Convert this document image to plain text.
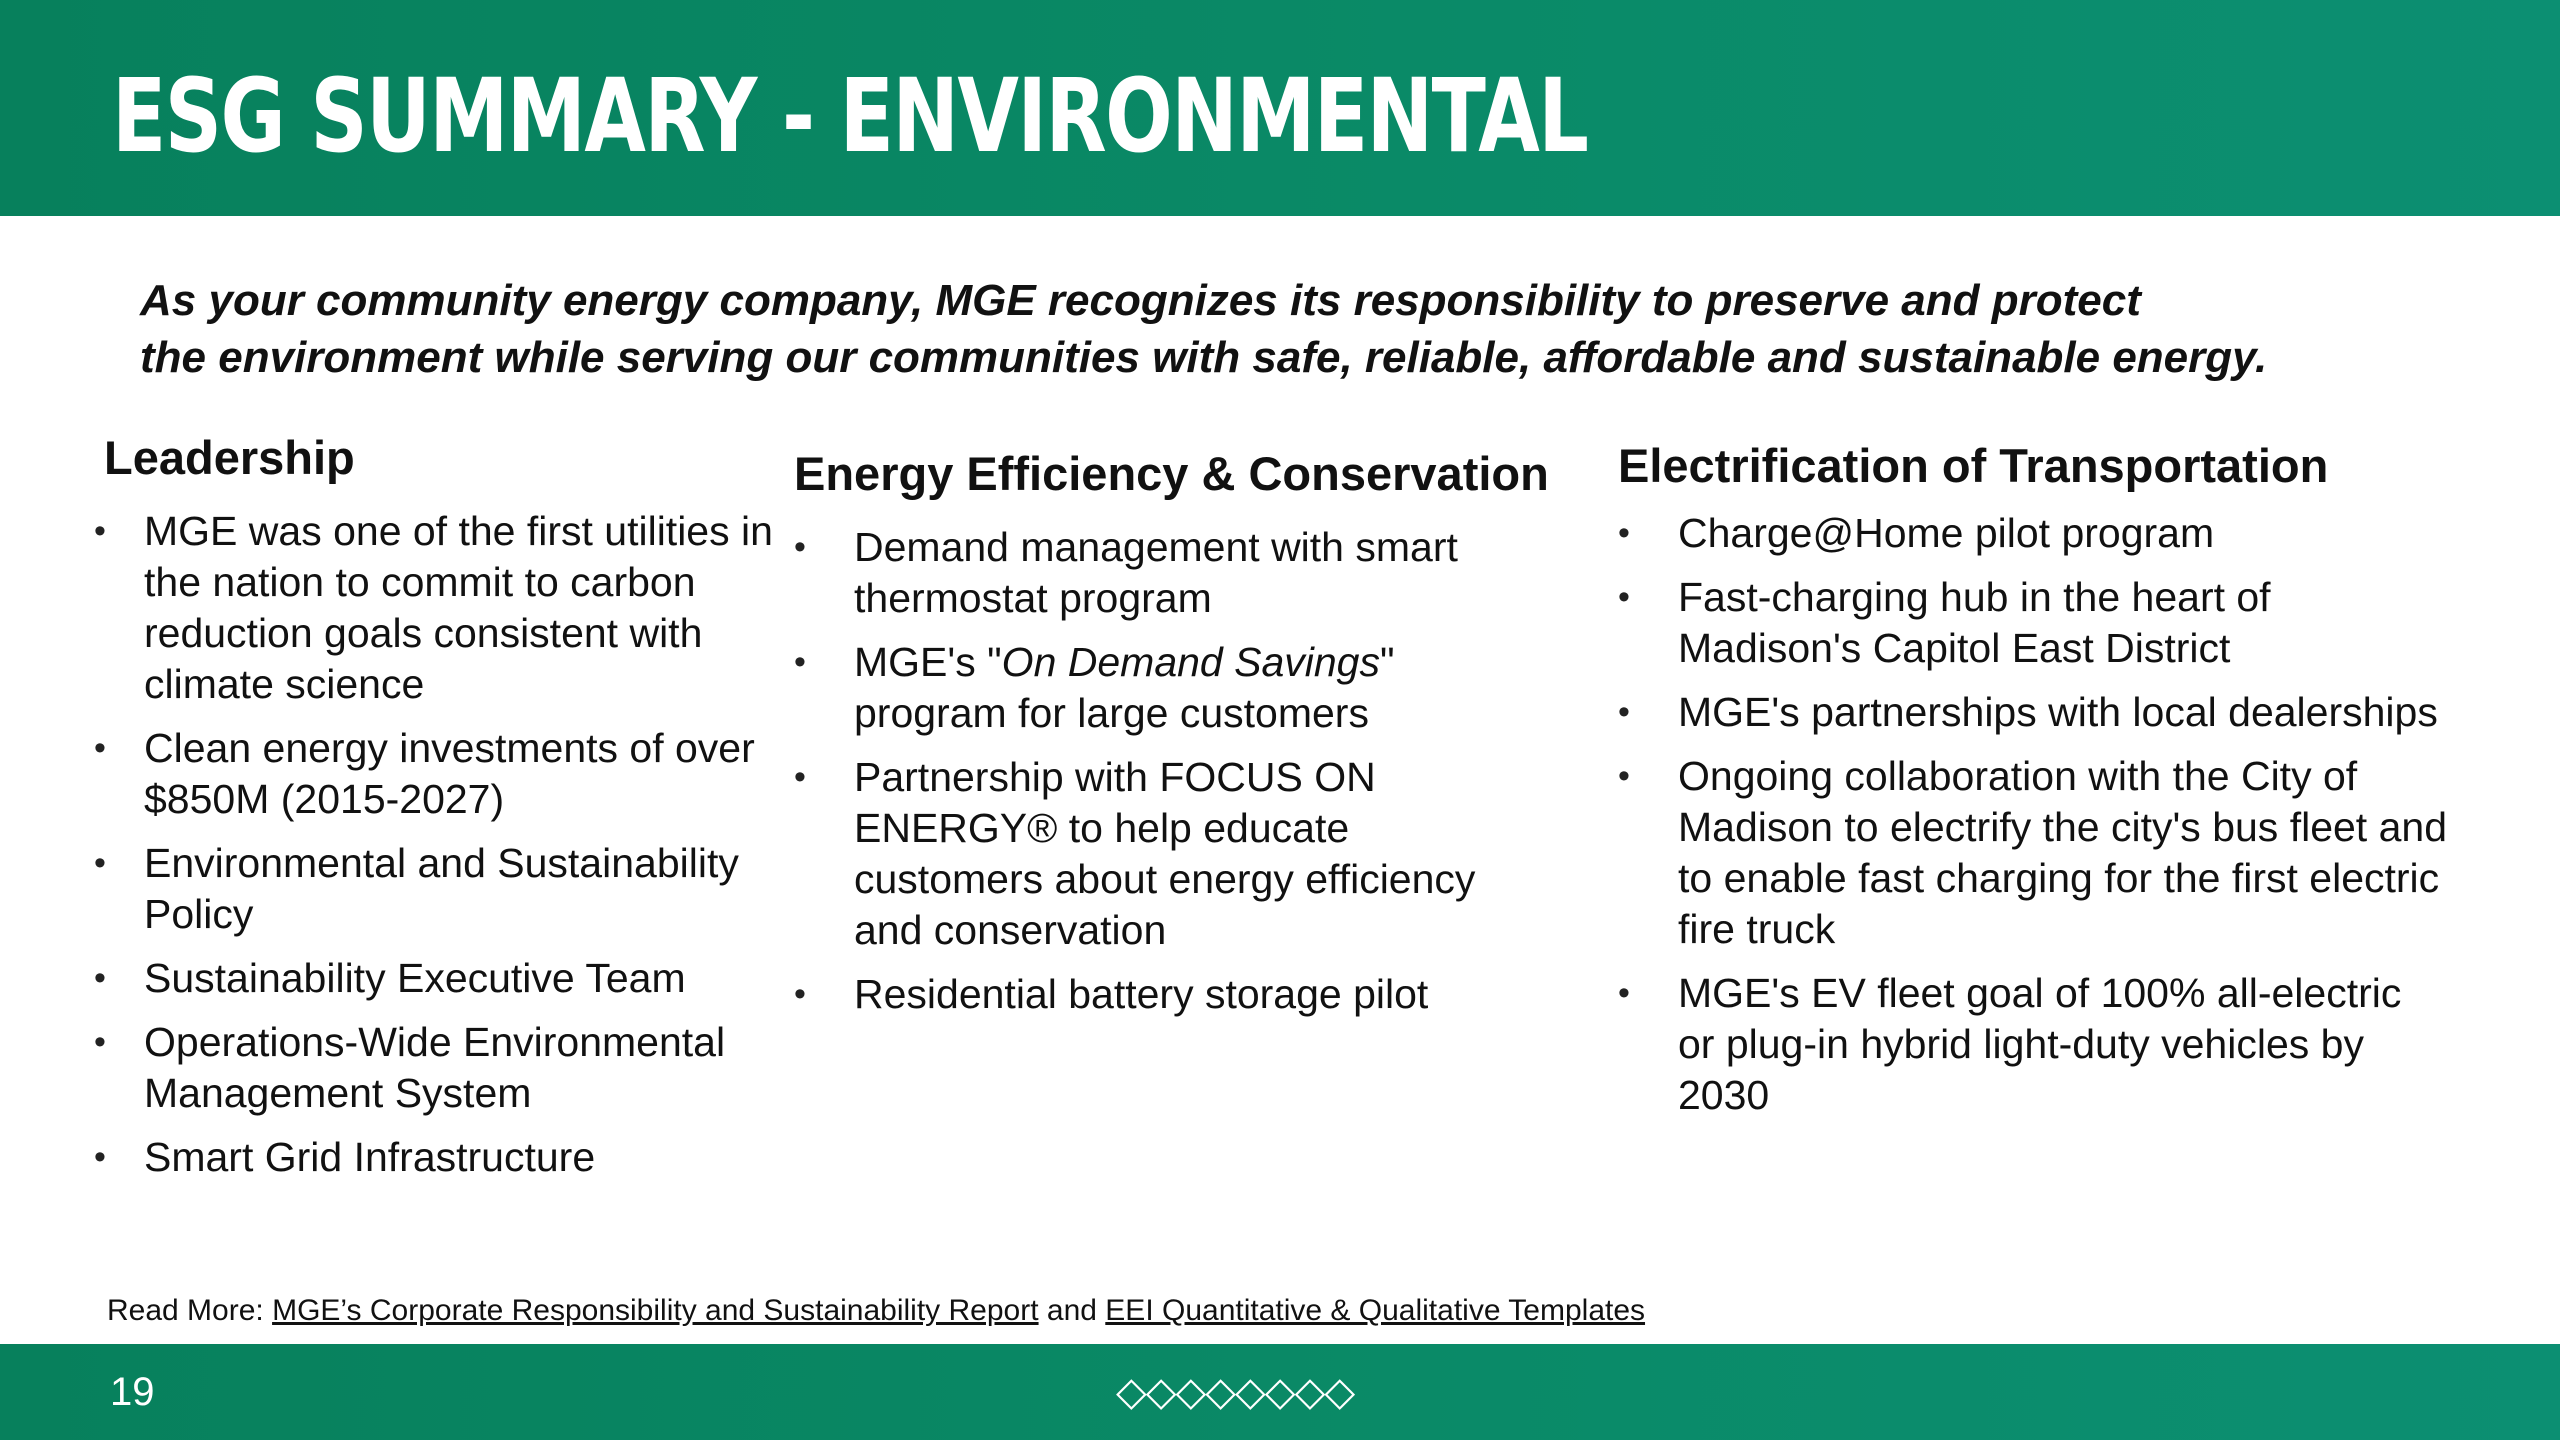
ESG SUMMARY - ENVIRONMENTAL
As your community energy company, MGE recognizes its responsibility to preserve and protect
the environment while serving our communities with safe, reliable, affordable and sustainable energy.
Leadership
• MGE was one of the first utilities in the nation to commit to carbon reduction goals consistent with climate science
• Clean energy investments of over $850M (2015-2027)
• Environmental and Sustainability Policy
• Sustainability Executive Team
• Operations-Wide Environmental Management System
• Smart Grid Infrastructure
Energy Efficiency & Conservation
• Demand management with smart thermostat program
• MGE's "On Demand Savings" program for large customers
• Partnership with FOCUS ON ENERGY® to help educate customers about energy efficiency and conservation
• Residential battery storage pilot
Electrification of Transportation
• Charge@Home pilot program
• Fast-charging hub in the heart of Madison's Capitol East District
• MGE's partnerships with local dealerships
• Ongoing collaboration with the City of Madison to electrify the city's bus fleet and to enable fast charging for the first electric fire truck
• MGE's EV fleet goal of 100% all-electric or plug-in hybrid light-duty vehicles by 2030
Read More: MGE’s Corporate Responsibility and Sustainability Report and EEI Quantitative & Qualitative Templates
19	◇◇◇◇◇◇◇◇
